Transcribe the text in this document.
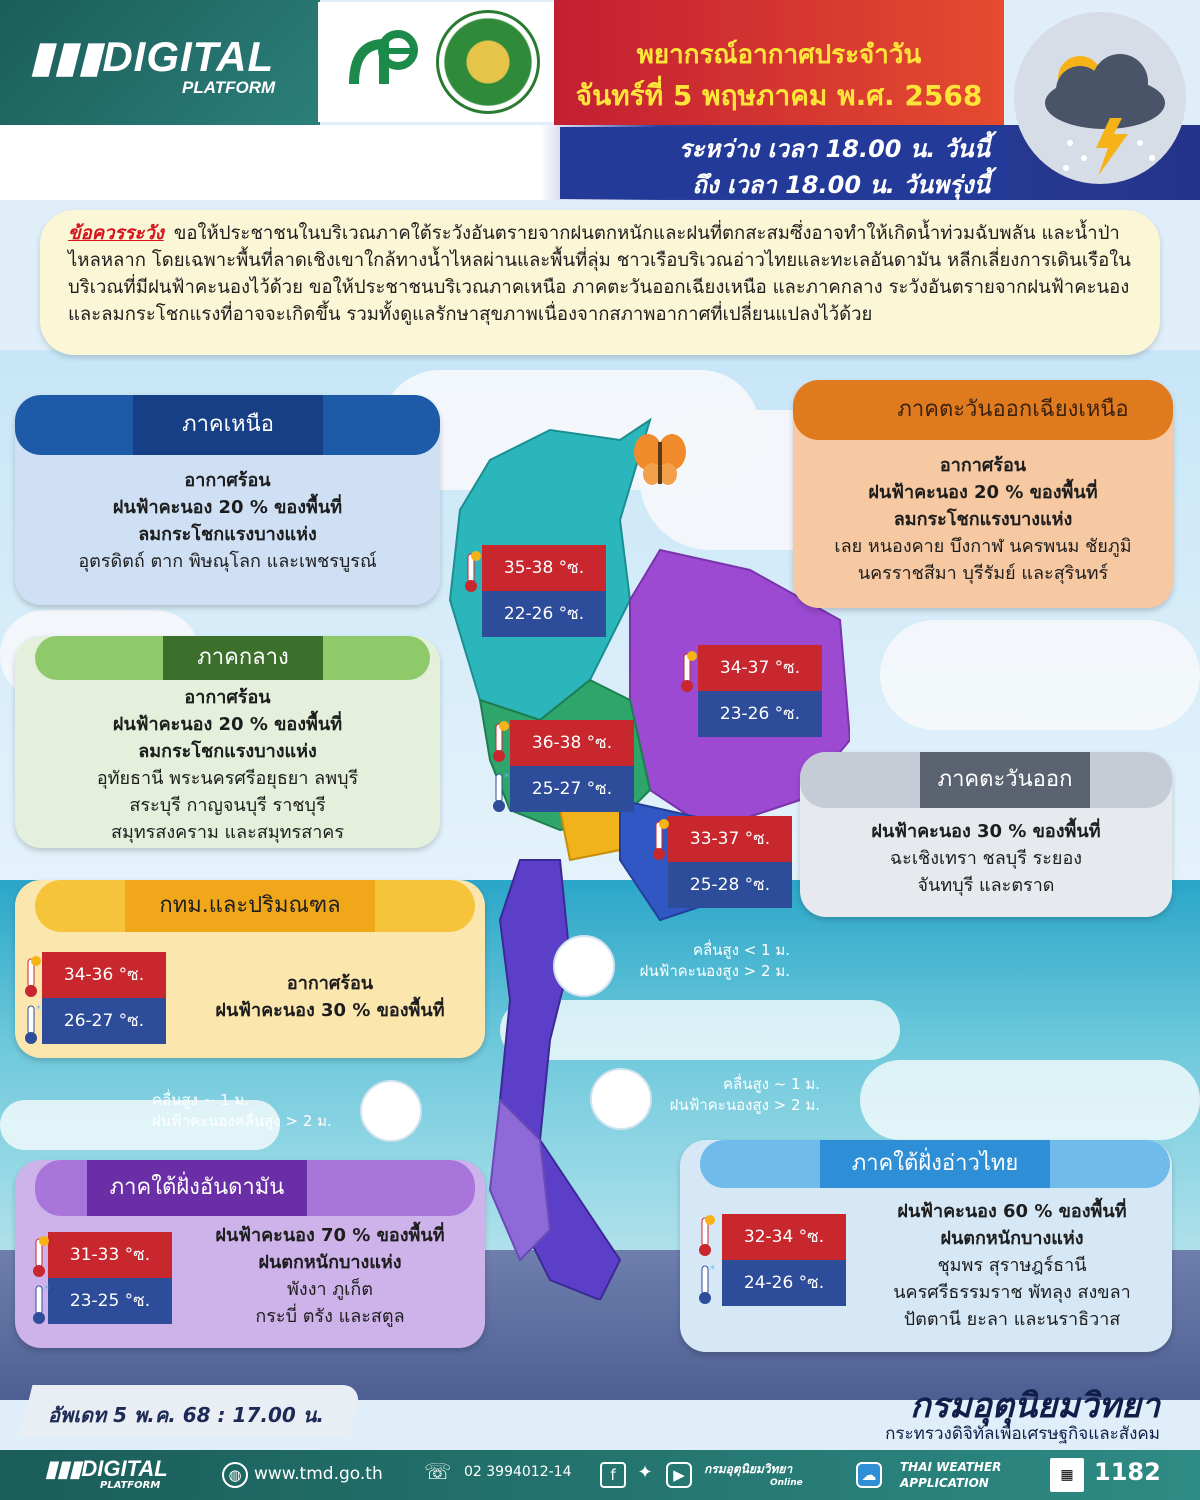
▮▮▮DIGITAL
PLATFORM
พยากรณ์อากาศประจำวัน
จันทร์ที่ 5 พฤษภาคม พ.ศ. 2568
ระหว่าง เวลา 18.00 น. วันนี้
ถึง เวลา 18.00 น. วันพรุ่งนี้
ข้อควรระวัง ขอให้ประชาชนในบริเวณภาคใต้ระวังอันตรายจากฝนตกหนักและฝนที่ตกสะสมซึ่งอาจทำให้เกิดน้ำท่วมฉับพลัน และน้ำป่าไหลหลาก โดยเฉพาะพื้นที่ลาดเชิงเขาใกล้ทางน้ำไหลผ่านและพื้นที่ลุ่ม ชาวเรือบริเวณอ่าวไทยและทะเลอันดามัน หลีกเลี่ยงการเดินเรือในบริเวณที่มีฝนฟ้าคะนองไว้ด้วย ขอให้ประชาชนบริเวณภาคเหนือ ภาคตะวันออกเฉียงเหนือ และภาคกลาง ระวังอันตรายจากฝนฟ้าคะนองและลมกระโชกแรงที่อาจจะเกิดขึ้น รวมทั้งดูแลรักษาสุขภาพเนื่องจากสภาพอากาศที่เปลี่ยนแปลงไว้ด้วย
ภาคเหนือ
อากาศร้อน
ฝนฟ้าคะนอง 20 % ของพื้นที่
ลมกระโชกแรงบางแห่ง
อุตรดิตถ์ ตาก พิษณุโลก และเพชรบูรณ์	35-38 °ซ.
22-26 °ซ.
ภาคตะวันออกเฉียงเหนือ
อากาศร้อน
ฝนฟ้าคะนอง 20 % ของพื้นที่
ลมกระโชกแรงบางแห่ง
เลย หนองคาย บึงกาฬ นครพนม ชัยภูมิ
นครราชสีมา บุรีรัมย์ และสุรินทร์
34-37 °ซ.
23-26 °ซ.
ภาคกลาง
อากาศร้อน
ฝนฟ้าคะนอง 20 % ของพื้นที่
ลมกระโชกแรงบางแห่ง
อุทัยธานี พระนครศรีอยุธยา ลพบุรี
สระบุรี กาญจนบุรี ราชบุรี
สมุทรสงคราม และสมุทรสาคร
36-38 °ซ.
25-27 °ซ.	ภาคตะวันออก
ฝนฟ้าคะนอง 30 % ของพื้นที่
ฉะเชิงเทรา ชลบุรี ระยอง
จันทบุรี และตราด
33-37 °ซ.
25-28 °ซ.
กทม.และปริมณฑล
อากาศร้อน
ฝนฟ้าคะนอง 30 % ของพื้นที่
34-36 °ซ.
26-27 °ซ.
ภาคใต้ฝั่งอันดามัน
ฝนฟ้าคะนอง 70 % ของพื้นที่
ฝนตกหนักบางแห่ง
พังงา ภูเก็ต
กระบี่ ตรัง และสตูล
31-33 °ซ.
23-25 °ซ.
ภาคใต้ฝั่งอ่าวไทย
ฝนฟ้าคะนอง 60 % ของพื้นที่
ฝนตกหนักบางแห่ง
ชุมพร สุราษฎร์ธานี
นครศรีธรรมราช พัทลุง สงขลา
ปัตตานี ยะลา และนราธิวาส
32-34 °ซ.
24-26 °ซ.
*
*
*
*
คลื่นสูง < 1 ม.
ฝนฟ้าคะนองสูง > 2 ม.
คลื่นสูง ~ 1 ม.
ฝนฟ้าคะนองสูง > 2 ม.
คลื่นสูง ~ 1 ม.
ฝนฟ้าคะนองคลื่นสูง > 2 ม.
อัพเดท 5 พ.ค. 68 : 17.00 น.	กรมอุตุนิยมวิทยา
กระทรวงดิจิทัลเพื่อเศรษฐกิจและสังคม
▮▮▮DIGITAL
PLATFORM
◍ www.tmd.go.th ☏ 02 3994012-14	f	✦	▶	กรมอุตุนิยมวิทยา
Online	☁	THAI WEATHER
APPLICATION	▦ 1182
